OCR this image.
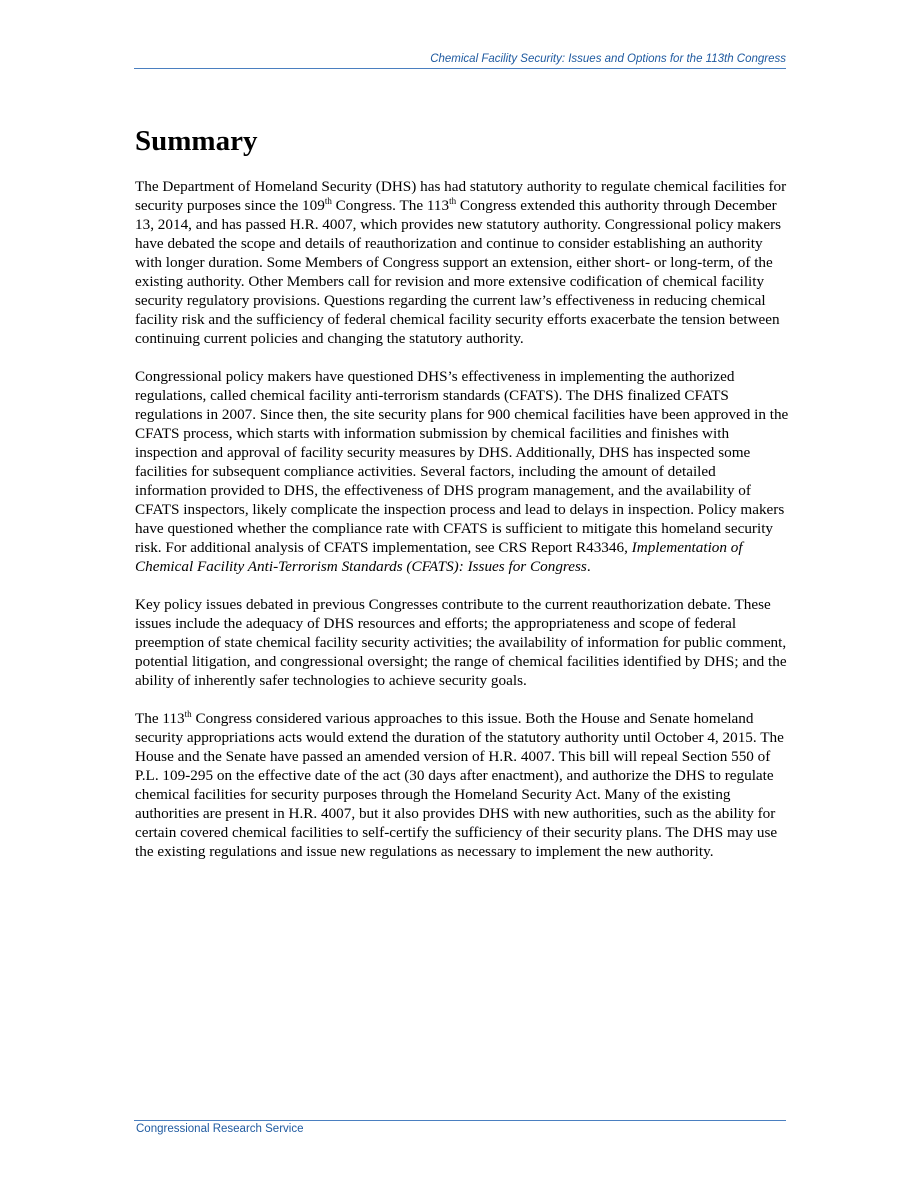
Chemical Facility Security: Issues and Options for the 113th Congress
Summary

The Department of Homeland Security (DHS) has had statutory authority to regulate chemical facilities for security purposes since the 109th Congress. The 113th Congress extended this authority through December 13, 2014, and has passed H.R. 4007, which provides new statutory authority. Congressional policy makers have debated the scope and details of reauthorization and continue to consider establishing an authority with longer duration. Some Members of Congress support an extension, either short- or long-term, of the existing authority. Other Members call for revision and more extensive codification of chemical facility security regulatory provisions. Questions regarding the current law’s effectiveness in reducing chemical facility risk and the sufficiency of federal chemical facility security efforts exacerbate the tension between continuing current policies and changing the statutory authority.

Congressional policy makers have questioned DHS’s effectiveness in implementing the authorized regulations, called chemical facility anti-terrorism standards (CFATS). The DHS finalized CFATS regulations in 2007. Since then, the site security plans for 900 chemical facilities have been approved in the CFATS process, which starts with information submission by chemical facilities and finishes with inspection and approval of facility security measures by DHS. Additionally, DHS has inspected some facilities for subsequent compliance activities. Several factors, including the amount of detailed information provided to DHS, the effectiveness of DHS program management, and the availability of CFATS inspectors, likely complicate the inspection process and lead to delays in inspection. Policy makers have questioned whether the compliance rate with CFATS is sufficient to mitigate this homeland security risk. For additional analysis of CFATS implementation, see CRS Report R43346, Implementation of Chemical Facility Anti-Terrorism Standards (CFATS): Issues for Congress.

Key policy issues debated in previous Congresses contribute to the current reauthorization debate. These issues include the adequacy of DHS resources and efforts; the appropriateness and scope of federal preemption of state chemical facility security activities; the availability of information for public comment, potential litigation, and congressional oversight; the range of chemical facilities identified by DHS; and the ability of inherently safer technologies to achieve security goals.

The 113th Congress considered various approaches to this issue. Both the House and Senate homeland security appropriations acts would extend the duration of the statutory authority until October 4, 2015. The House and the Senate have passed an amended version of H.R. 4007. This bill will repeal Section 550 of P.L. 109-295 on the effective date of the act (30 days after enactment), and authorize the DHS to regulate chemical facilities for security purposes through the Homeland Security Act. Many of the existing authorities are present in H.R. 4007, but it also provides DHS with new authorities, such as the ability for certain covered chemical facilities to self-certify the sufficiency of their security plans. The DHS may use the existing regulations and issue new regulations as necessary to implement the new authority.

Congressional Research Service
